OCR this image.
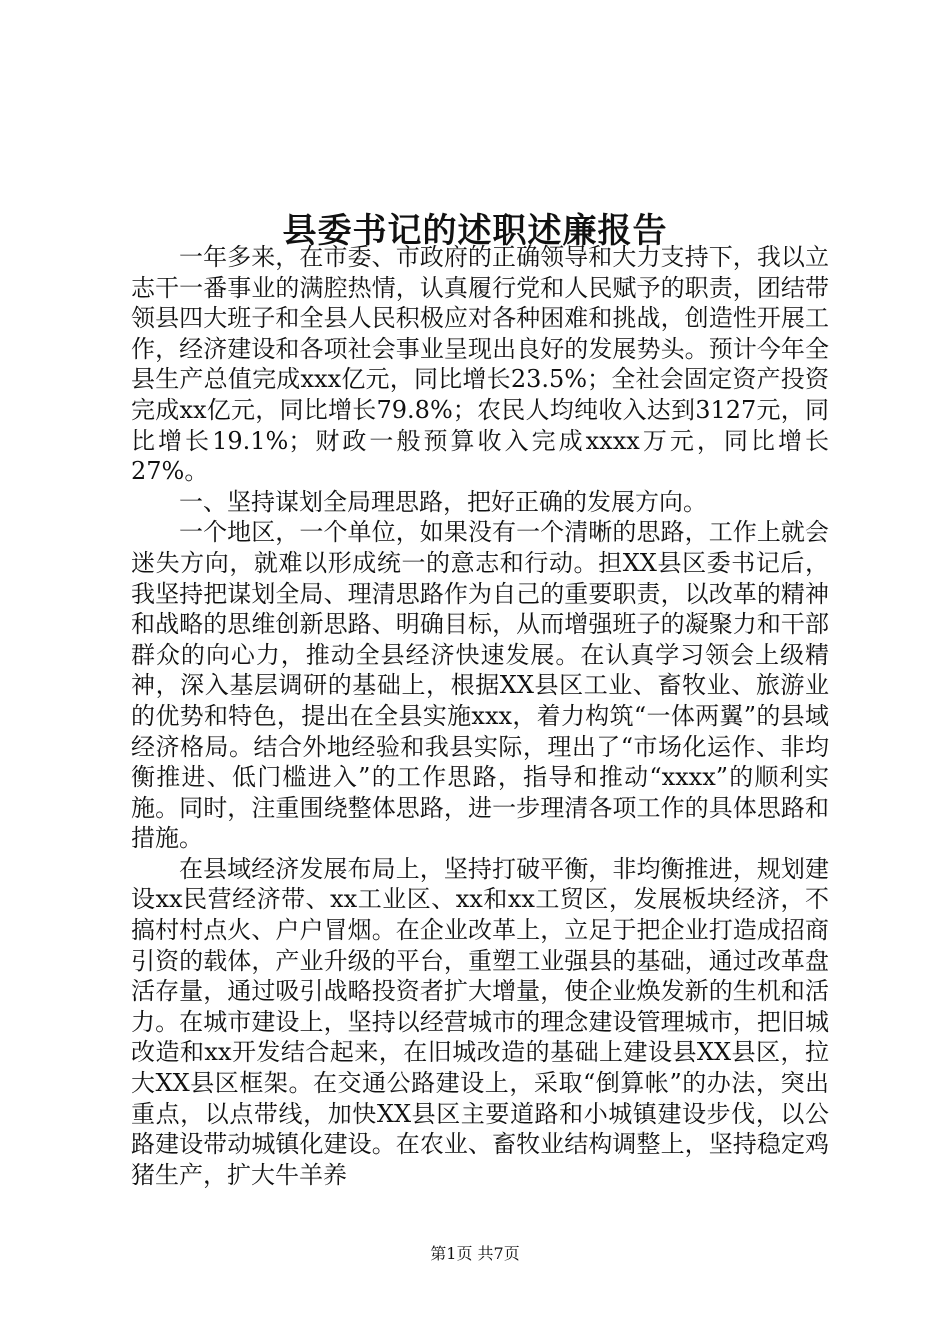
县委书记的述职述廉报告

一年多来，在市委、市政府的正确领导和大力支持下，我以立志干一番事业的满腔热情，认真履行党和人民赋予的职责，团结带领县四大班子和全县人民积极应对各种困难和挑战，创造性开展工作，经济建设和各项社会事业呈现出良好的发展势头。预计今年全县生产总值完成xxx亿元，同比增长23.5%；全社会固定资产投资完成xx亿元，同比增长79.8%；农民人均纯收入达到3127元，同比增长19.1%；财政一般预算收入完成xxxx万元，同比增长27%。

一、坚持谋划全局理思路，把好正确的发展方向。

一个地区，一个单位，如果没有一个清晰的思路，工作上就会迷失方向，就难以形成统一的意志和行动。担XX县区委书记后，我坚持把谋划全局、理清思路作为自己的重要职责，以改革的精神和战略的思维创新思路、明确目标，从而增强班子的凝聚力和干部群众的向心力，推动全县经济快速发展。在认真学习领会上级精神，深入基层调研的基础上，根据XX县区工业、畜牧业、旅游业的优势和特色，提出在全县实施xxx，着力构筑“一体两翼”的县域经济格局。结合外地经验和我县实际，理出了“市场化运作、非均衡推进、低门槛进入”的工作思路，指导和推动“xxxx”的顺利实施。同时，注重围绕整体思路，进一步理清各项工作的具体思路和措施。

在县域经济发展布局上，坚持打破平衡，非均衡推进，规划建设xx民营经济带、xx工业区、xx和xx工贸区，发展板块经济，不搞村村点火、户户冒烟。在企业改革上，立足于把企业打造成招商引资的载体，产业升级的平台，重塑工业强县的基础，通过改革盘活存量，通过吸引战略投资者扩大增量，使企业焕发新的生机和活力。在城市建设上，坚持以经营城市的理念建设管理城市，把旧城改造和xx开发结合起来，在旧城改造的基础上建设县XX县区，拉大XX县区框架。在交通公路建设上，采取“倒算帐”的办法，突出重点，以点带线，加快XX县区主要道路和小城镇建设步伐，以公路建设带动城镇化建设。在农业、畜牧业结构调整上，坚持稳定鸡猪生产，扩大牛羊养

第1页 共7页
